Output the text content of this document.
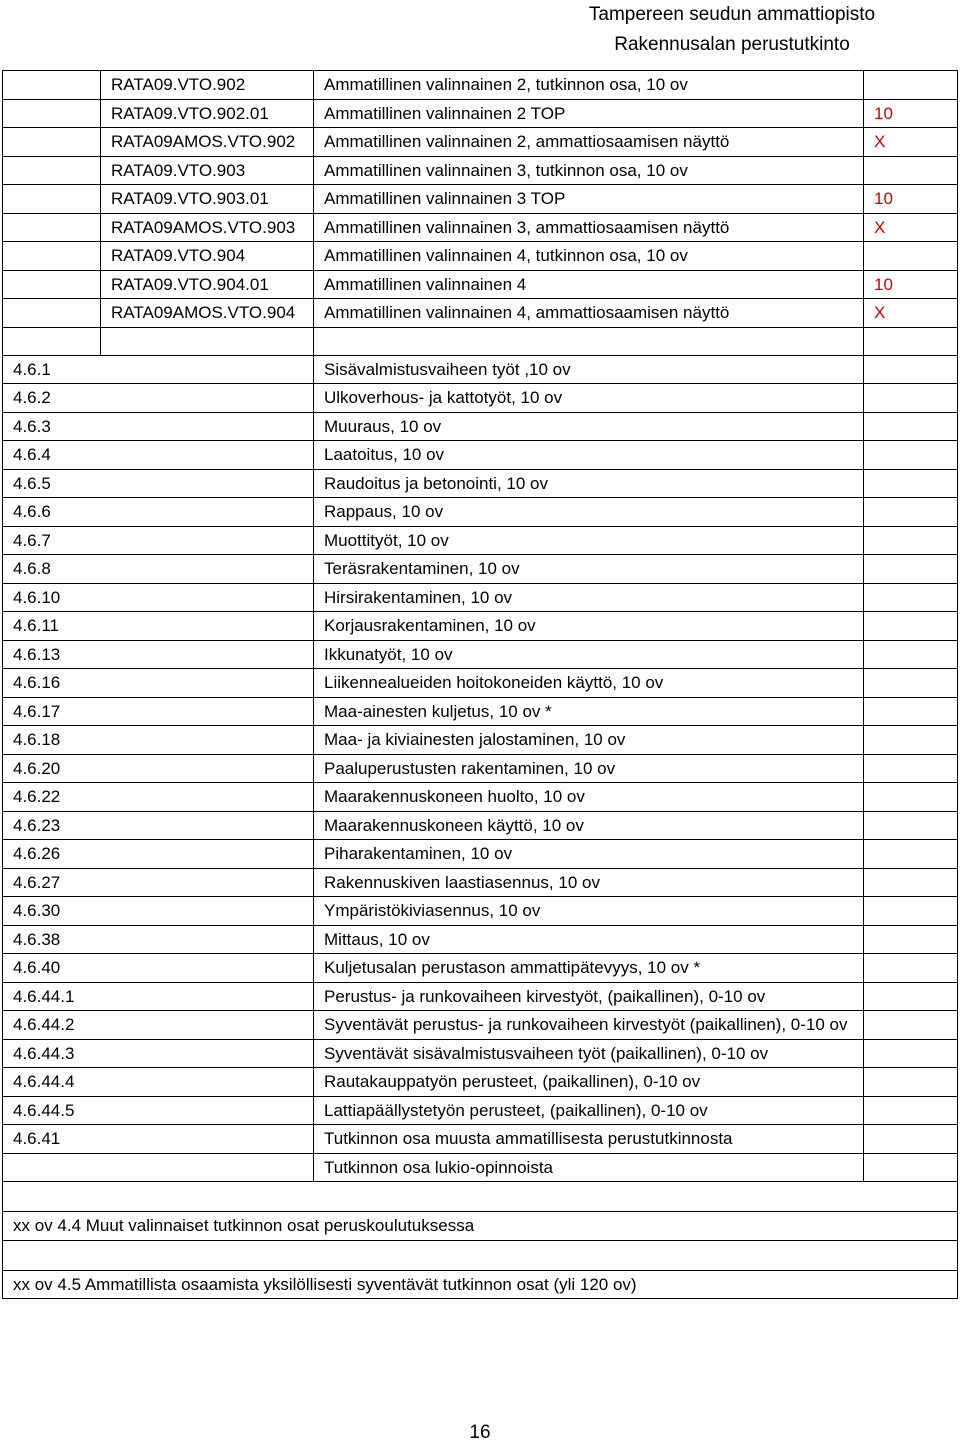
Tampereen seudun ammattiopisto
Rakennusalan perustutkinto
	RATA09.VTO.902	Ammatillinen valinnainen 2, tutkinnon osa, 10 ov	
	RATA09.VTO.902.01	Ammatillinen valinnainen 2 TOP	10
	RATA09AMOS.VTO.902	Ammatillinen valinnainen 2, ammattiosaamisen näyttö	X
	RATA09.VTO.903	Ammatillinen valinnainen 3, tutkinnon osa, 10 ov	
	RATA09.VTO.903.01	Ammatillinen valinnainen 3 TOP	10
	RATA09AMOS.VTO.903	Ammatillinen valinnainen 3, ammattiosaamisen näyttö	X
	RATA09.VTO.904	Ammatillinen valinnainen 4, tutkinnon osa, 10 ov	
	RATA09.VTO.904.01	Ammatillinen valinnainen 4	10
	RATA09AMOS.VTO.904	Ammatillinen valinnainen 4, ammattiosaamisen näyttö	X

4.6.1		Sisävalmistusvaiheen työt ,10 ov	
4.6.2		Ulkoverhous- ja kattotyöt, 10 ov	
4.6.3		Muuraus, 10 ov	
4.6.4		Laatoitus, 10 ov	
4.6.5		Raudoitus ja betonointi, 10 ov	
4.6.6		Rappaus, 10 ov	
4.6.7		Muottityöt, 10 ov	
4.6.8		Teräsrakentaminen, 10 ov	
4.6.10		Hirsirakentaminen, 10 ov	
4.6.11		Korjausrakentaminen, 10 ov	
4.6.13		Ikkunatyöt, 10 ov	
4.6.16		Liikennealueiden hoitokoneiden käyttö, 10 ov	
4.6.17		Maa-ainesten kuljetus, 10 ov *	
4.6.18		Maa- ja kiviainesten jalostaminen, 10 ov	
4.6.20		Paaluperustusten rakentaminen, 10 ov	
4.6.22		Maarakennuskoneen huolto, 10 ov	
4.6.23		Maarakennuskoneen käyttö, 10 ov	
4.6.26		Piharakentaminen, 10 ov	
4.6.27		Rakennuskiven laastiasennus, 10 ov	
4.6.30		Ympäristökiviasennus, 10 ov	
4.6.38		Mittaus, 10 ov	
4.6.40		Kuljetusalan perustason ammattipätevyys, 10 ov *	
4.6.44.1		Perustus- ja runkovaiheen kirvestyöt, (paikallinen), 0-10 ov	
4.6.44.2		Syventävät perustus- ja runkovaiheen kirvestyöt (paikallinen), 0-10 ov	
4.6.44.3		Syventävät sisävalmistusvaiheen työt (paikallinen), 0-10 ov	
4.6.44.4		Rautakauppatyön perusteet, (paikallinen), 0-10 ov	
4.6.44.5		Lattiapäällystetyön perusteet, (paikallinen), 0-10 ov	
4.6.41		Tutkinnon osa muusta ammatillisesta perustutkinnosta	
		Tutkinnon osa lukio-opinnoista	

xx ov 4.4 Muut valinnaiset tutkinnon osat peruskoulutuksessa			

xx ov 4.5 Ammatillista osaamista yksilöllisesti syventävät tutkinnon osat (yli 120 ov)			
16
